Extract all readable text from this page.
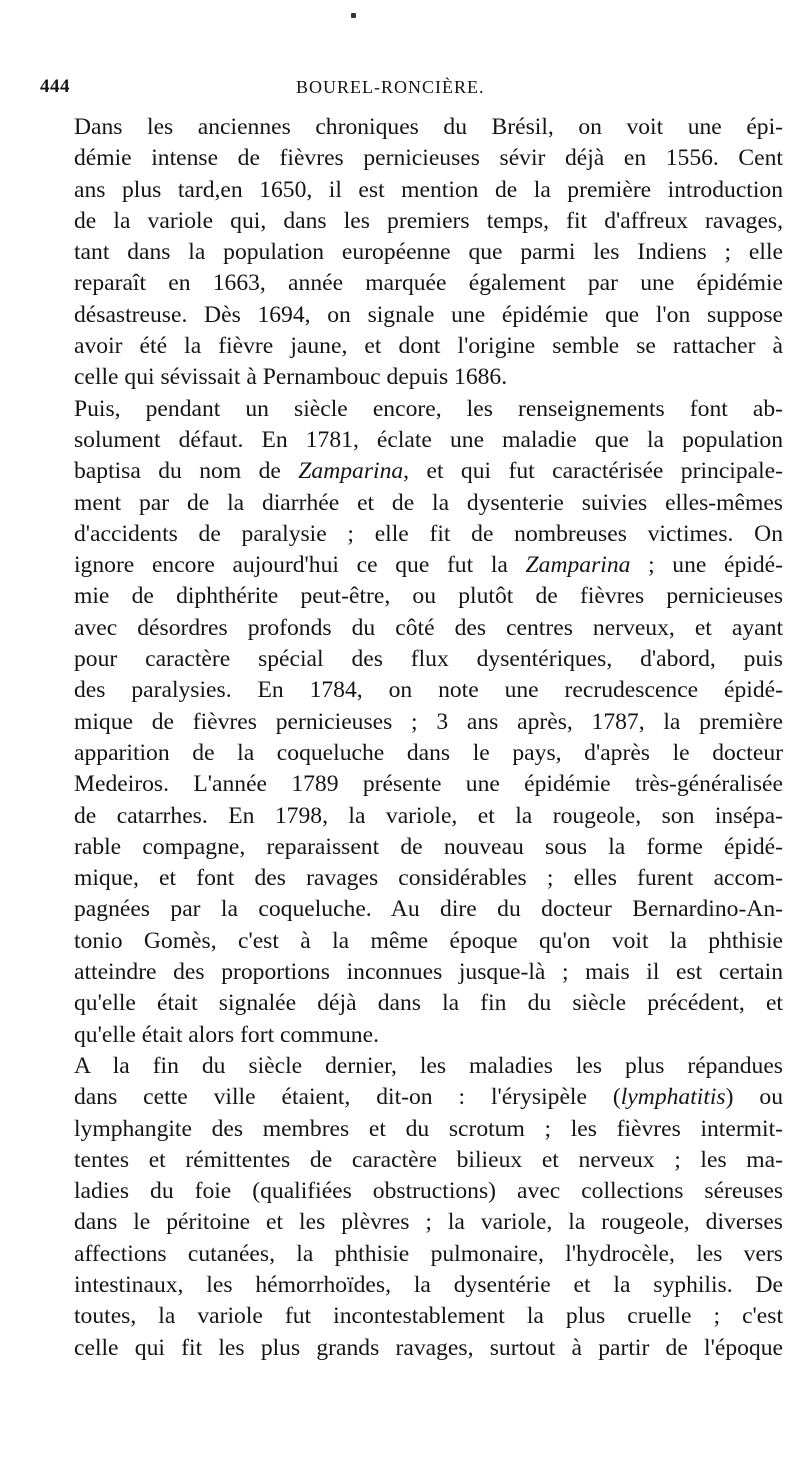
444	BOUREL-RONCIÈRE.

Dans les anciennes chroniques du Brésil, on voit une épi-
démie intense de fièvres pernicieuses sévir déjà en 1556. Cent
ans plus tard,en 1650, il est mention de la première introduction
de la variole qui, dans les premiers temps, fit d'affreux ravages,
tant dans la population européenne que parmi les Indiens ; elle
reparaît en 1663, année marquée également par une épidémie
désastreuse. Dès 1694, on signale une épidémie que l'on suppose
avoir été la fièvre jaune, et dont l'origine semble se rattacher à
celle qui sévissait à Pernambouc depuis 1686.

Puis, pendant un siècle encore, les renseignements font ab-
solument défaut. En 1781, éclate une maladie que la population
baptisa du nom de Zamparina, et qui fut caractérisée principale-
ment par de la diarrhée et de la dysenterie suivies elles-mêmes
d'accidents de paralysie ; elle fit de nombreuses victimes. On
ignore encore aujourd'hui ce que fut la Zamparina ; une épidé-
mie de diphthérite peut-être, ou plutôt de fièvres pernicieuses
avec désordres profonds du côté des centres nerveux, et ayant
pour caractère spécial des flux dysentériques, d'abord, puis
des paralysies. En 1784, on note une recrudescence épidé-
mique de fièvres pernicieuses ; 3 ans après, 1787, la première
apparition de la coqueluche dans le pays, d'après le docteur
Medeiros. L'année 1789 présente une épidémie très-généralisée
de catarrhes. En 1798, la variole, et la rougeole, son insépa-
rable compagne, reparaissent de nouveau sous la forme épidé-
mique, et font des ravages considérables ; elles furent accom-
pagnées par la coqueluche. Au dire du docteur Bernardino-An-
tonio Gomès, c'est à la même époque qu'on voit la phthisie
atteindre des proportions inconnues jusque-là ; mais il est certain
qu'elle était signalée déjà dans la fin du siècle précédent, et
qu'elle était alors fort commune.

A la fin du siècle dernier, les maladies les plus répandues
dans cette ville étaient, dit-on : l'érysipèle (lymphatitis) ou
lymphangite des membres et du scrotum ; les fièvres intermit-
tentes et rémittentes de caractère bilieux et nerveux ; les ma-
ladies du foie (qualifiées obstructions) avec collections séreuses
dans le péritoine et les plèvres ; la variole, la rougeole, diverses
affections cutanées, la phthisie pulmonaire, l'hydrocèle, les vers
intestinaux, les hémorrhoïdes, la dysentérie et la syphilis. De
toutes, la variole fut incontestablement la plus cruelle ; c'est
celle qui fit les plus grands ravages, surtout à partir de l'époque
